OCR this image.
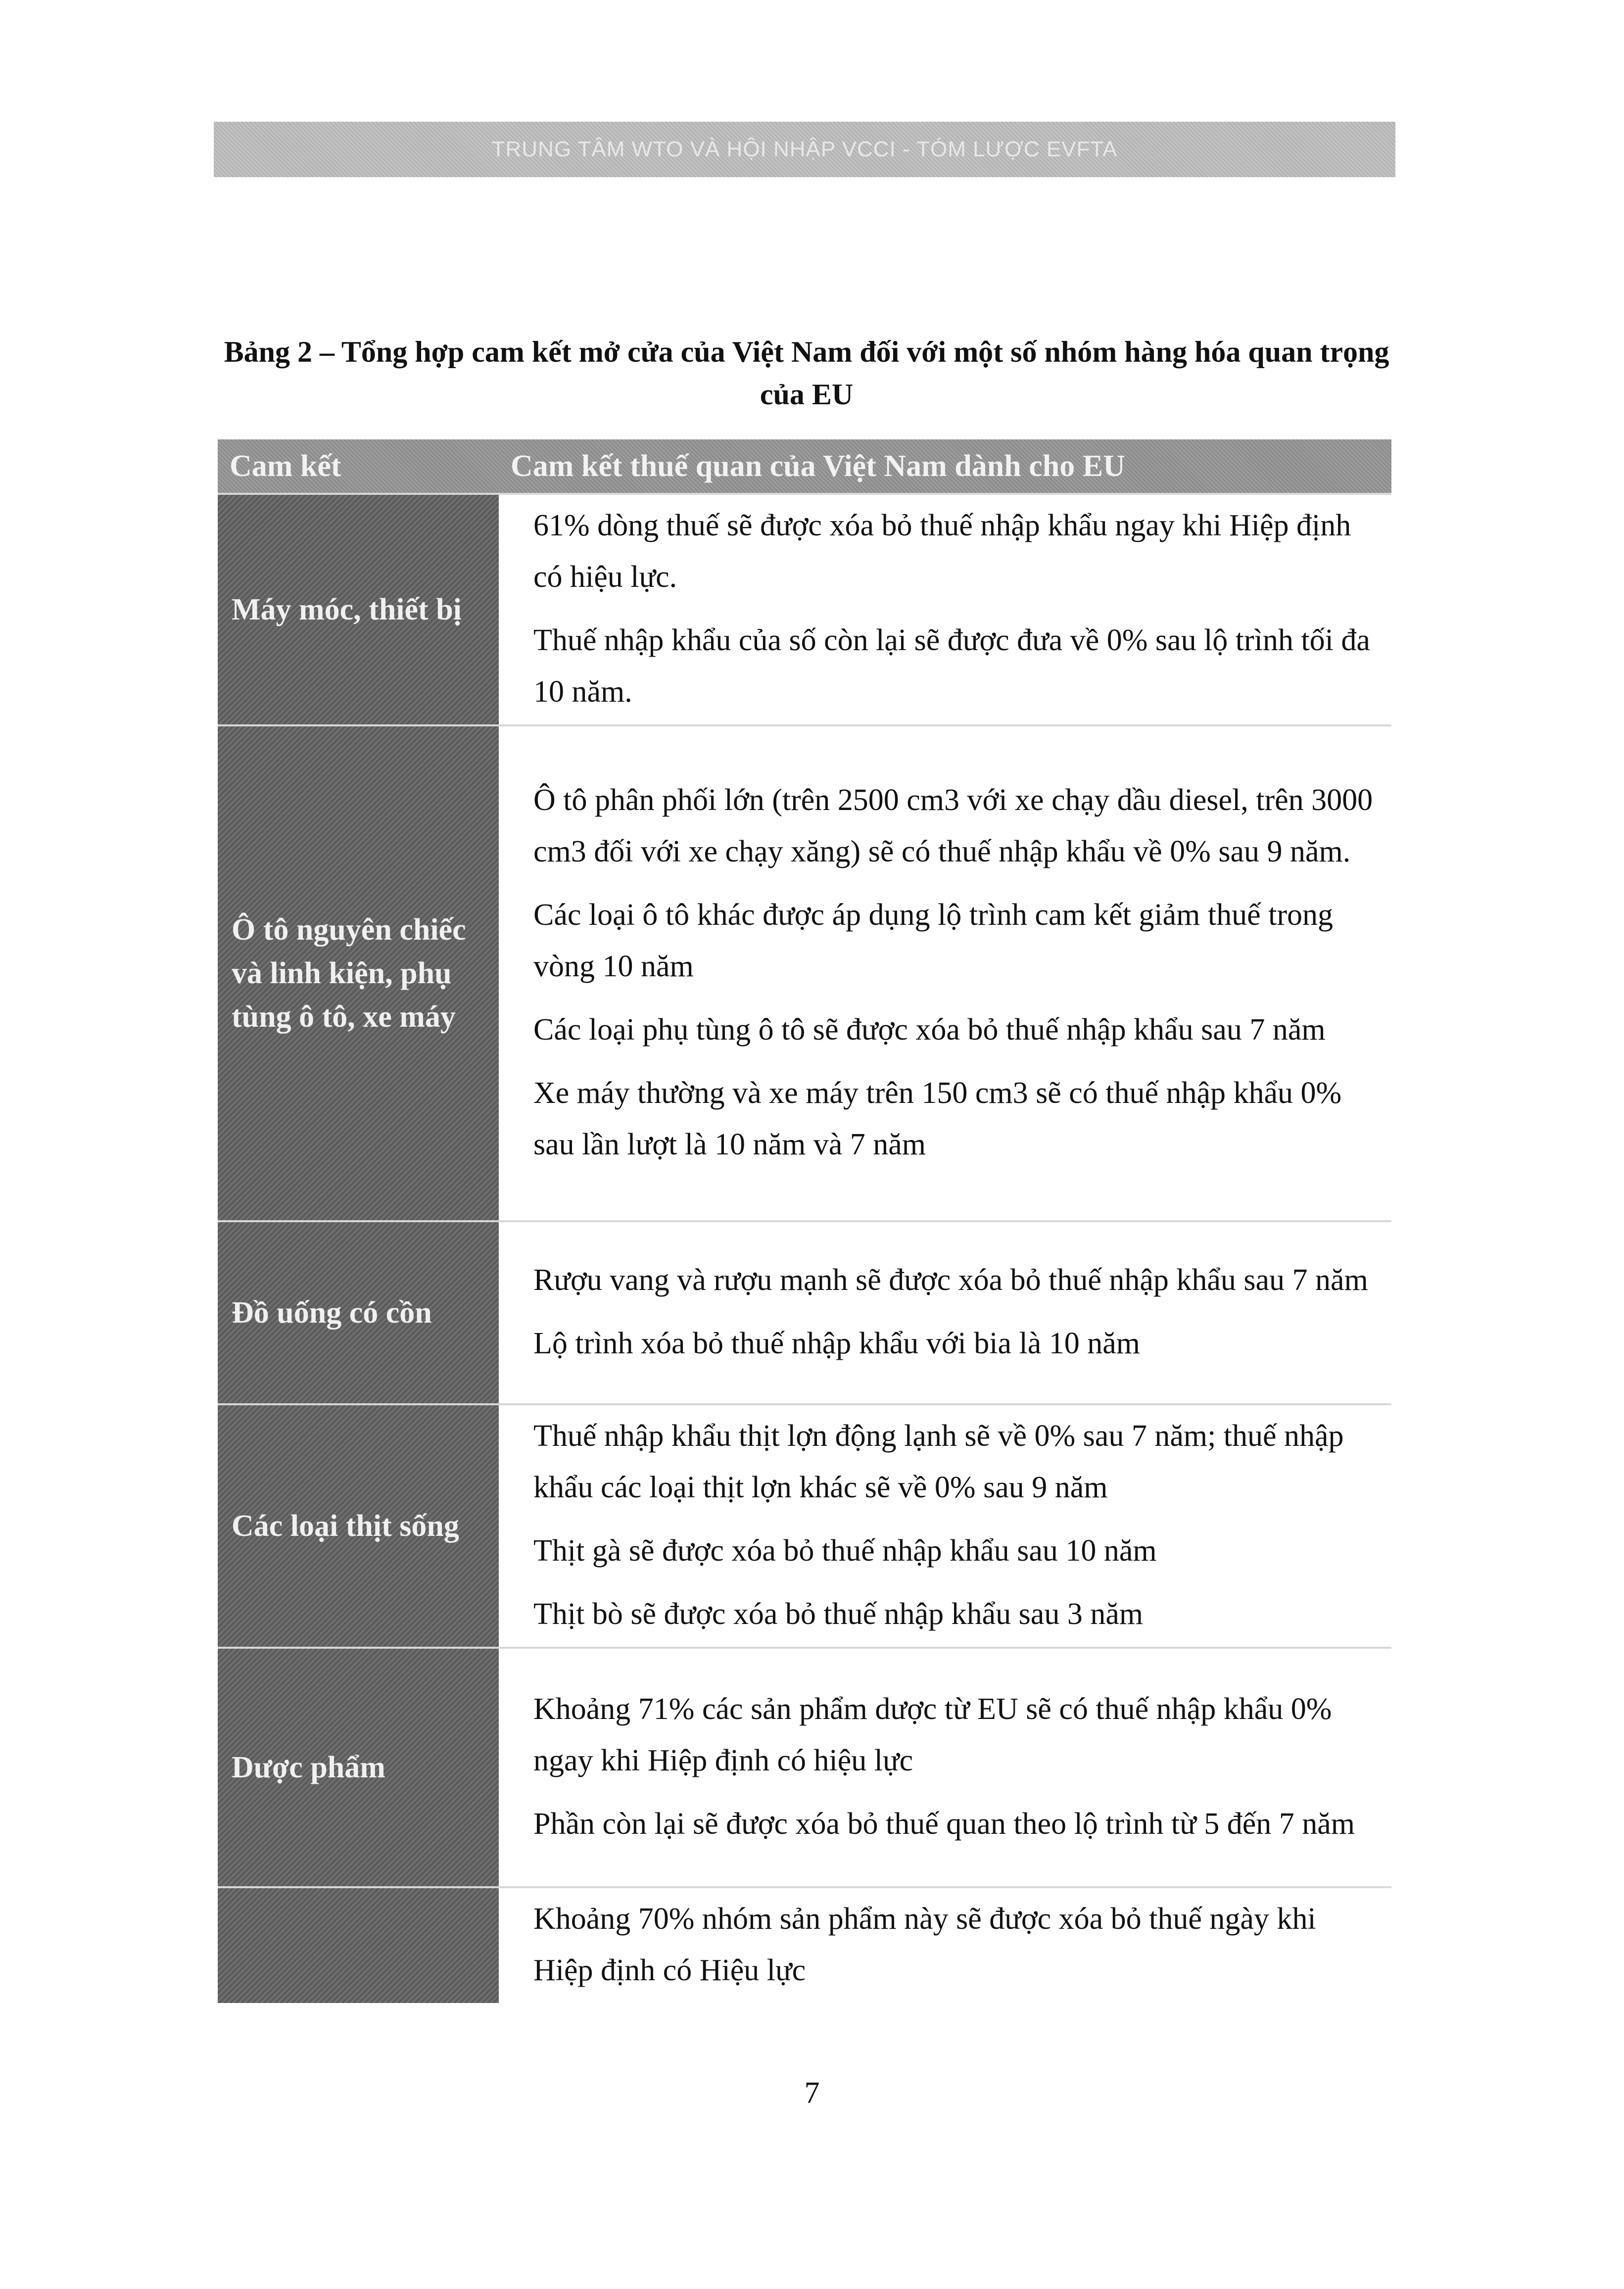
TRUNG TÂM WTO VÀ HỘI NHẬP VCCI - TÓM LƯỢC EVFTA
Bảng 2 – Tổng hợp cam kết mở cửa của Việt Nam đối với một số nhóm hàng hóa quan trọng của EU
Cam kết	Cam kết thuế quan của Việt Nam dành cho EU
Máy móc, thiết bị	61% dòng thuế sẽ được xóa bỏ thuế nhập khẩu ngay khi Hiệp định có hiệu lực.
Thuế nhập khẩu của số còn lại sẽ được đưa về 0% sau lộ trình tối đa 10 năm.

Ô tô nguyên chiếc và linh kiện, phụ tùng ô tô, xe máy	Ô tô phân phối lớn (trên 2500 cm3 với xe chạy dầu diesel, trên 3000 cm3 đối với xe chạy xăng) sẽ có thuế nhập khẩu về 0% sau 9 năm.
Các loại ô tô khác được áp dụng lộ trình cam kết giảm thuế trong vòng 10 năm
Các loại phụ tùng ô tô sẽ được xóa bỏ thuế nhập khẩu sau 7 năm
Xe máy thường và xe máy trên 150 cm3 sẽ có thuế nhập khẩu 0% sau lần lượt là 10 năm và 7 năm

Đồ uống có cồn	Rượu vang và rượu mạnh sẽ được xóa bỏ thuế nhập khẩu sau 7 năm
Lộ trình xóa bỏ thuế nhập khẩu với bia là 10 năm

Các loại thịt sống	Thuế nhập khẩu thịt lợn động lạnh sẽ về 0% sau 7 năm; thuế nhập khẩu các loại thịt lợn khác sẽ về 0% sau 9 năm
Thịt gà sẽ được xóa bỏ thuế nhập khẩu sau 10 năm
Thịt bò sẽ được xóa bỏ thuế nhập khẩu sau 3 năm

Dược phẩm	Khoảng 71% các sản phẩm dược từ EU sẽ có thuế nhập khẩu 0% ngay khi Hiệp định có hiệu lực
Phần còn lại sẽ được xóa bỏ thuế quan theo lộ trình từ 5 đến 7 năm

	Khoảng 70% nhóm sản phẩm này sẽ được xóa bỏ thuế ngày khi Hiệp định có Hiệu lực
7
